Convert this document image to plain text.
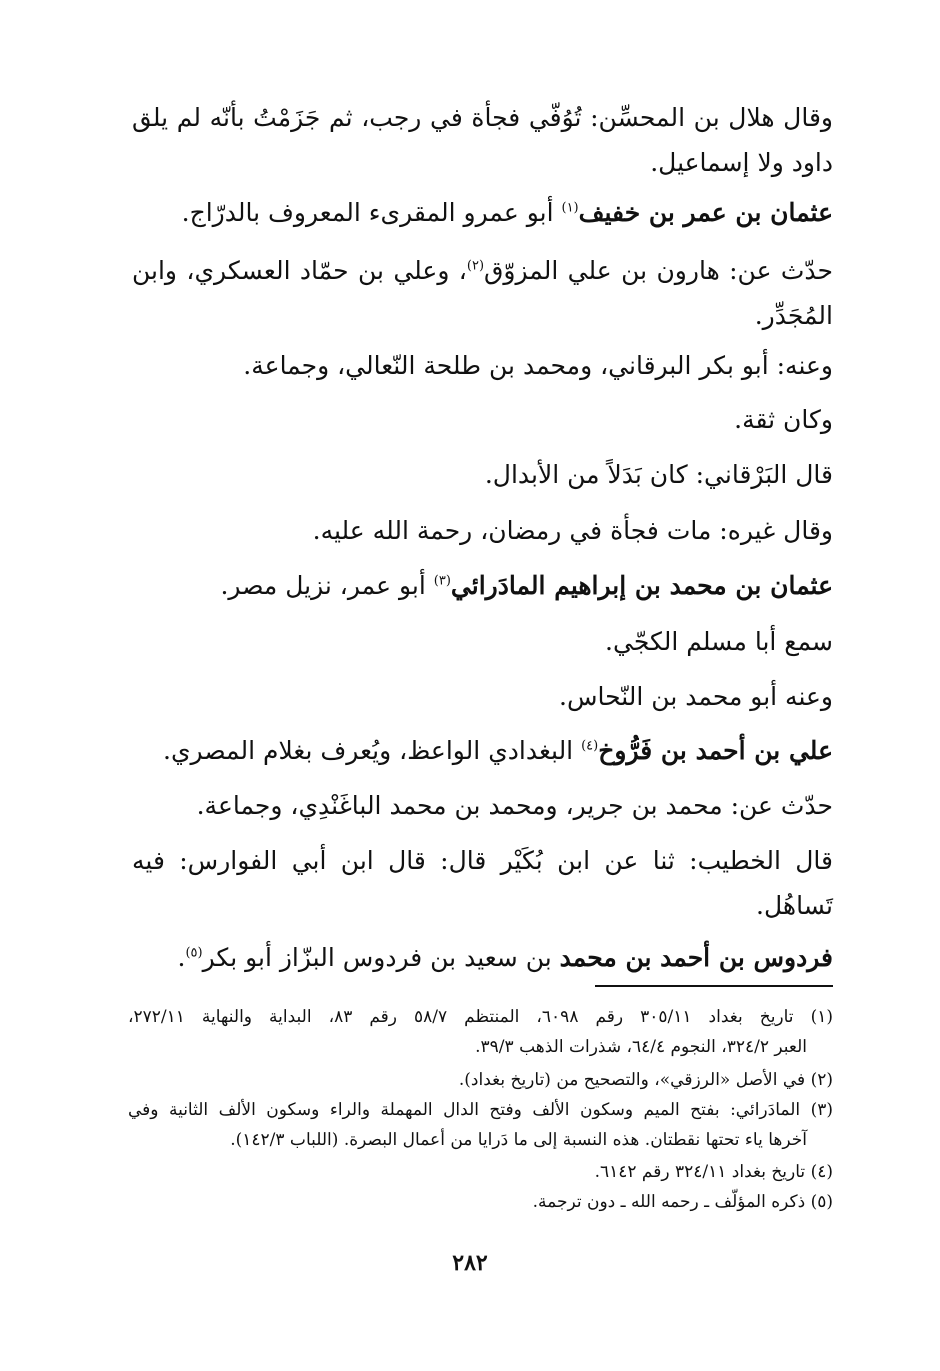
وقال هلال بن المحسِّن: تُوُفّي فجأة في رجب، ثم جَزَمْتُ بأنّه لم يلق
داود ولا إسماعيل.
عثمان بن عمر بن خفيف$^{(١)}$ أبو عمرو المقرىء المعروف بالدرّاج.
حدّث عن: هارون بن علي المزوّق$^{(٢)}$، وعلي بن حمّاد العسكري، وابن
المُجَدِّر.
وعنه: أبو بكر البرقاني، ومحمد بن طلحة النّعالي، وجماعة.
وكان ثقة.
قال البَرْقاني: كان بَدَلاً من الأبدال.
وقال غيره: مات فجأة في رمضان، رحمة الله عليه.
عثمان بن محمد بن إبراهيم المادَرائي$^{(٣)}$ أبو عمر، نزيل مصر.
سمع أبا مسلم الكجّي.
وعنه أبو محمد بن النّحاس.
علي بن أحمد بن فَرُّوخ$^{(٤)}$ البغدادي الواعظ، ويُعرف بغلام المصري.
حدّث عن: محمد بن جرير، ومحمد بن محمد الباغَنْدِي، وجماعة.
قال الخطيب: ثنا عن ابن بُكَيْر قال: قال ابن أبي الفوارس: فيه
تَساهُل.
فردوس بن أحمد بن محمد بن سعيد بن فردوس البزّاز أبو بكر$^{(٥)}$.
(١) تاريخ بغداد ٣٠٥/١١ رقم ٦٠٩٨، المنتظم ٥٨/٧ رقم ٨٣، البداية والنهاية ٢٧٢/١١،
العبر ٣٢٤/٢، النجوم ٦٤/٤، شذرات الذهب ٣٩/٣.
(٢) في الأصل «الرزقي»، والتصحيح من (تاريخ بغداد).
(٣) المادَرائي: بفتح الميم وسكون الألف وفتح الدال المهملة والراء وسكون الألف الثانية وفي
آخرها ياء تحتها نقطتان. هذه النسبة إلى ما دَرايا من أعمال البصرة. (اللباب ١٤٢/٣).
(٤) تاريخ بغداد ٣٢٤/١١ رقم ٦١٤٢.
(٥) ذكره المؤلّف ـ رحمه الله ـ دون ترجمة.
٢٨٢
